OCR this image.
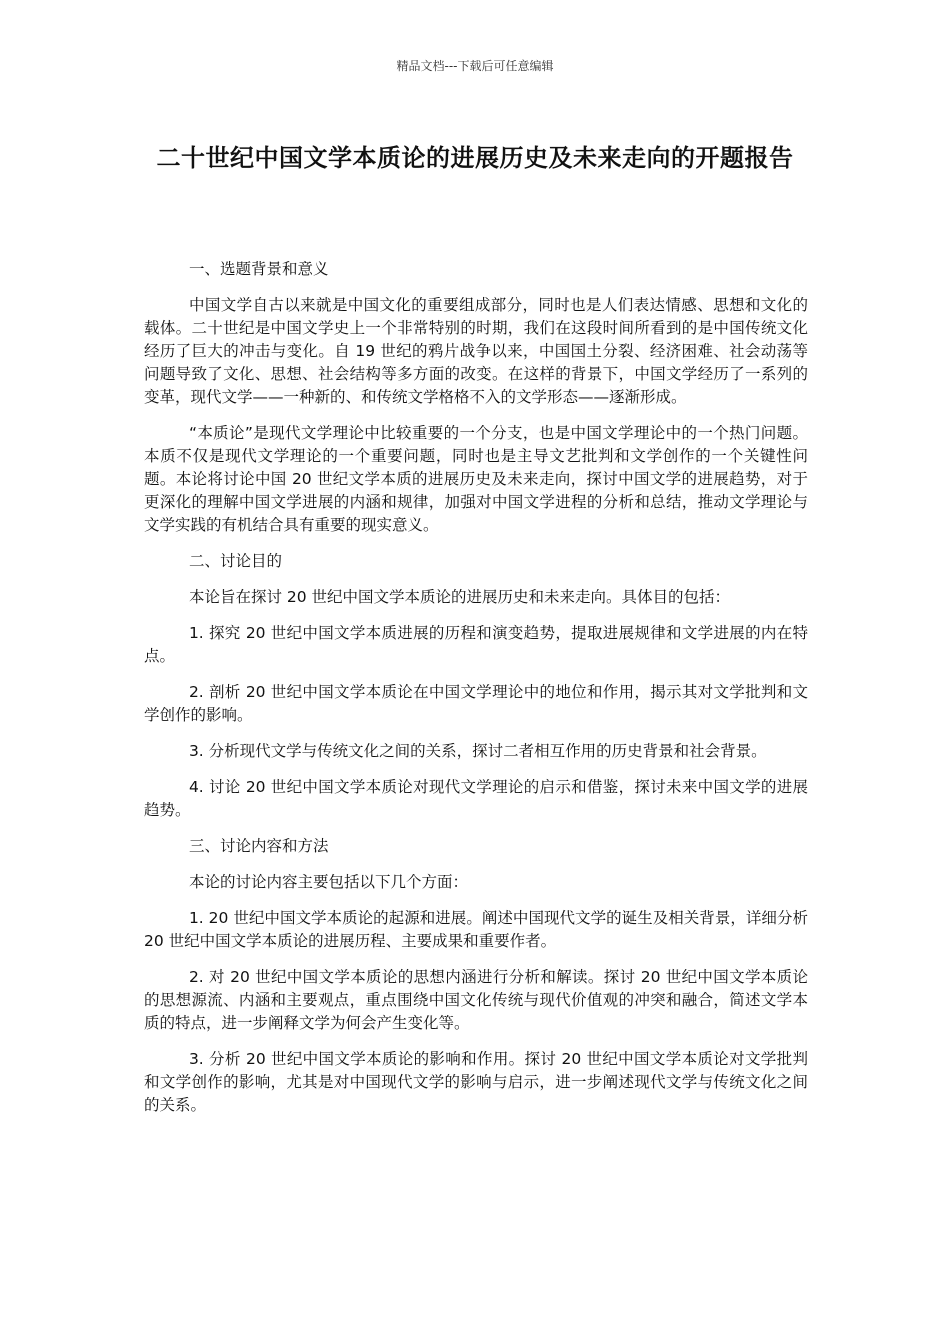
精品文档---下载后可任意编辑
二十世纪中国文学本质论的进展历史及未来走向的开题报告

一、选题背景和意义

中国文学自古以来就是中国文化的重要组成部分，同时也是人们表达情感、思想和文化的载体。二十世纪是中国文学史上一个非常特别的时期，我们在这段时间所看到的是中国传统文化经历了巨大的冲击与变化。自 19 世纪的鸦片战争以来，中国国土分裂、经济困难、社会动荡等问题导致了文化、思想、社会结构等多方面的改变。在这样的背景下，中国文学经历了一系列的变革，现代文学——一种新的、和传统文学格格不入的文学形态——逐渐形成。

“本质论”是现代文学理论中比较重要的一个分支，也是中国文学理论中的一个热门问题。本质不仅是现代文学理论的一个重要问题，同时也是主导文艺批判和文学创作的一个关键性问题。本论将讨论中国 20 世纪文学本质的进展历史及未来走向，探讨中国文学的进展趋势，对于更深化的理解中国文学进展的内涵和规律，加强对中国文学进程的分析和总结，推动文学理论与文学实践的有机结合具有重要的现实意义。

二、讨论目的

本论旨在探讨 20 世纪中国文学本质论的进展历史和未来走向。具体目的包括：

1. 探究 20 世纪中国文学本质进展的历程和演变趋势，提取进展规律和文学进展的内在特点。

2. 剖析 20 世纪中国文学本质论在中国文学理论中的地位和作用，揭示其对文学批判和文学创作的影响。

3. 分析现代文学与传统文化之间的关系，探讨二者相互作用的历史背景和社会背景。

4. 讨论 20 世纪中国文学本质论对现代文学理论的启示和借鉴，探讨未来中国文学的进展趋势。

三、讨论内容和方法

本论的讨论内容主要包括以下几个方面：

1. 20 世纪中国文学本质论的起源和进展。阐述中国现代文学的诞生及相关背景，详细分析 20 世纪中国文学本质论的进展历程、主要成果和重要作者。

2. 对 20 世纪中国文学本质论的思想内涵进行分析和解读。探讨 20 世纪中国文学本质论的思想源流、内涵和主要观点，重点围绕中国文化传统与现代价值观的冲突和融合，简述文学本质的特点，进一步阐释文学为何会产生变化等。

3. 分析 20 世纪中国文学本质论的影响和作用。探讨 20 世纪中国文学本质论对文学批判和文学创作的影响，尤其是对中国现代文学的影响与启示，进一步阐述现代文学与传统文化之间的关系。
